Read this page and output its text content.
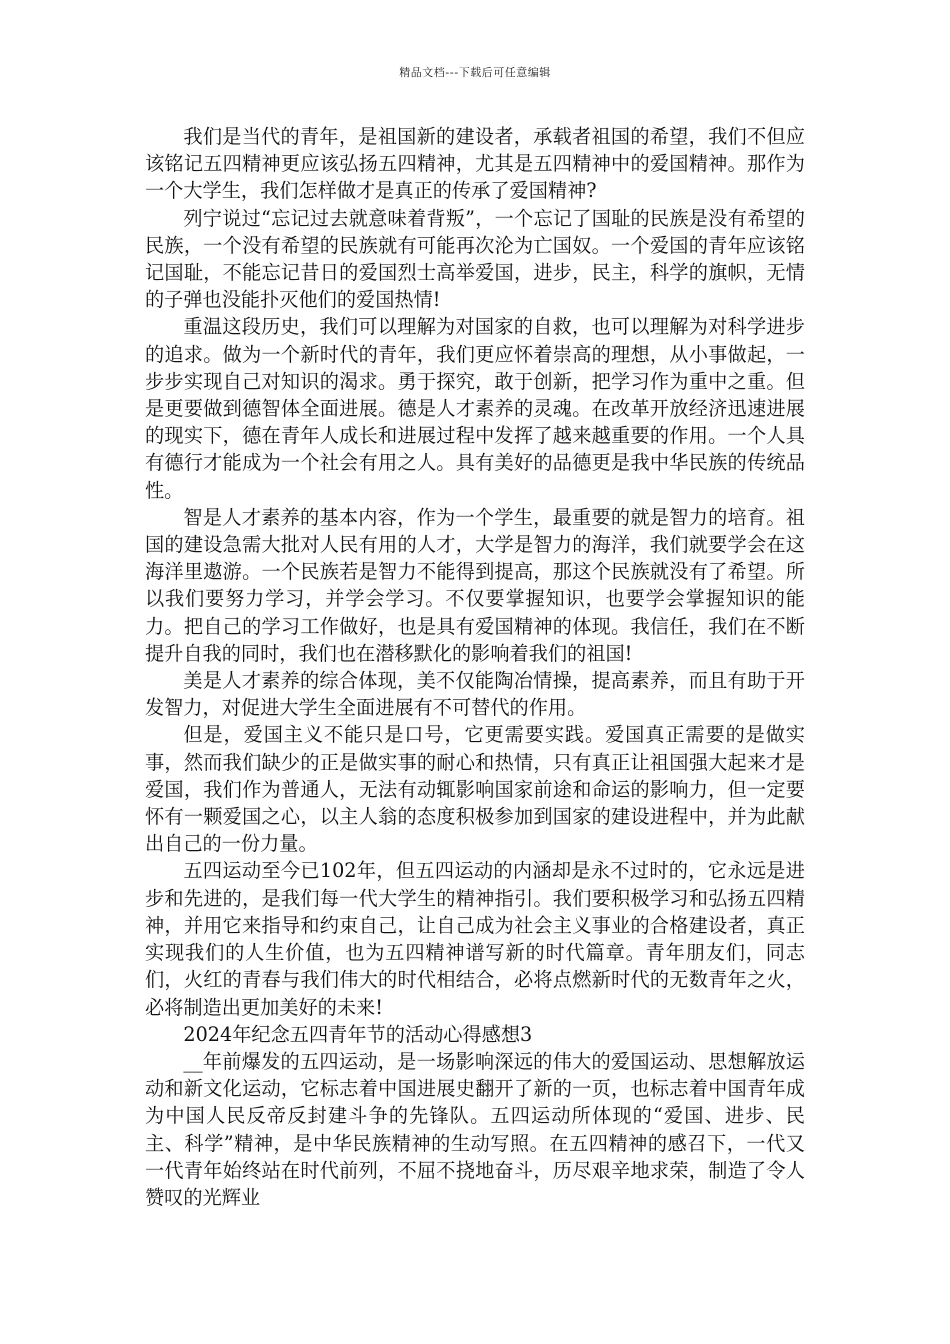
精品文档---下载后可任意编辑

我们是当代的青年，是祖国新的建设者，承载者祖国的希望，我们不但应该铭记五四精神更应该弘扬五四精神，尤其是五四精神中的爱国精神。那作为一个大学生，我们怎样做才是真正的传承了爱国精神?

列宁说过“忘记过去就意味着背叛”，一个忘记了国耻的民族是没有希望的民族，一个没有希望的民族就有可能再次沦为亡国奴。一个爱国的青年应该铭记国耻，不能忘记昔日的爱国烈士高举爱国，进步，民主，科学的旗帜，无情的子弹也没能扑灭他们的爱国热情!

重温这段历史，我们可以理解为对国家的自救，也可以理解为对科学进步的追求。做为一个新时代的青年，我们更应怀着崇高的理想，从小事做起，一步步实现自己对知识的渴求。勇于探究，敢于创新，把学习作为重中之重。但是更要做到德智体全面进展。德是人才素养的灵魂。在改革开放经济迅速进展的现实下，德在青年人成长和进展过程中发挥了越来越重要的作用。一个人具有德行才能成为一个社会有用之人。具有美好的品德更是我中华民族的传统品性。

智是人才素养的基本内容，作为一个学生，最重要的就是智力的培育。祖国的建设急需大批对人民有用的人才，大学是智力的海洋，我们就要学会在这海洋里遨游。一个民族若是智力不能得到提高，那这个民族就没有了希望。所以我们要努力学习，并学会学习。不仅要掌握知识，也要学会掌握知识的能力。把自己的学习工作做好，也是具有爱国精神的体现。我信任，我们在不断提升自我的同时，我们也在潜移默化的影响着我们的祖国!

美是人才素养的综合体现，美不仅能陶冶情操，提高素养，而且有助于开发智力，对促进大学生全面进展有不可替代的作用。

但是，爱国主义不能只是口号，它更需要实践。爱国真正需要的是做实事，然而我们缺少的正是做实事的耐心和热情，只有真正让祖国强大起来才是爱国，我们作为普通人，无法有动辄影响国家前途和命运的影响力，但一定要怀有一颗爱国之心，以主人翁的态度积极参加到国家的建设进程中，并为此献出自己的一份力量。

五四运动至今已102年，但五四运动的内涵却是永不过时的，它永远是进步和先进的，是我们每一代大学生的精神指引。我们要积极学习和弘扬五四精神，并用它来指导和约束自己，让自己成为社会主义事业的合格建设者，真正实现我们的人生价值，也为五四精神谱写新的时代篇章。青年朋友们，同志们，火红的青春与我们伟大的时代相结合，必将点燃新时代的无数青年之火，必将制造出更加美好的未来!

2024年纪念五四青年节的活动心得感想3

__年前爆发的五四运动，是一场影响深远的伟大的爱国运动、思想解放运动和新文化运动，它标志着中国进展史翻开了新的一页，也标志着中国青年成为中国人民反帝反封建斗争的先锋队。五四运动所体现的“爱国、进步、民主、科学”精神，是中华民族精神的生动写照。在五四精神的感召下，一代又一代青年始终站在时代前列，不屈不挠地奋斗，历尽艰辛地求荣，制造了令人赞叹的光辉业
